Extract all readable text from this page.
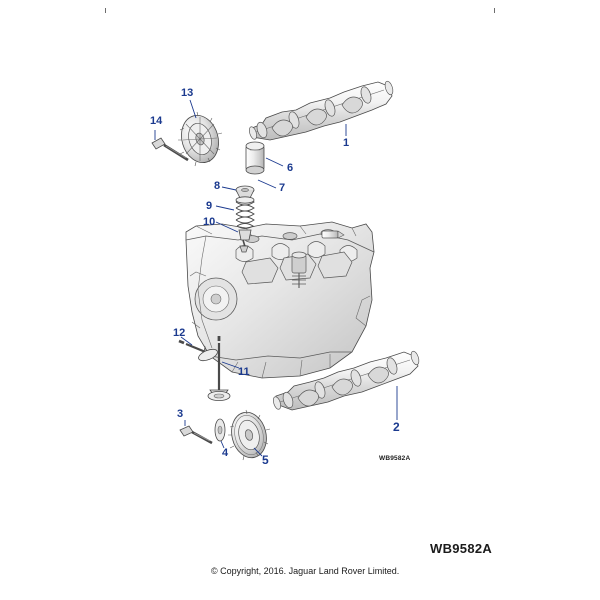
13
14
1
6
8	7
9
10
12
11
2
3
4	5	WB9582A
WB9582A
© Copyright, 2016. Jaguar Land Rover Limited.
